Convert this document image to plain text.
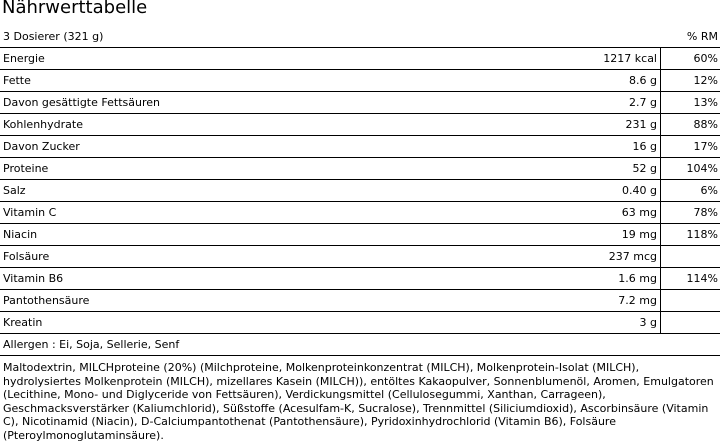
Nährwerttabelle
3 Dosierer (321 g)	% RM
Energie	1217 kcal	60%
Fette	8.6 g	12%
Davon gesättigte Fettsäuren	2.7 g	13%
Kohlenhydrate	231 g	88%
Davon Zucker	16 g	17%
Proteine	52 g	104%
Salz	0.40 g	6%
Vitamin C	63 mg	78%
Niacin	19 mg	118%
Folsäure	237 mcg
Vitamin B6	1.6 mg	114%
Pantothensäure	7.2 mg
Kreatin	3 g
Allergen : Ei, Soja, Sellerie, Senf

Maltodextrin, MILCHproteine (20%) (Milchproteine, Molkenproteinkonzentrat (MILCH), Molkenprotein-Isolat (MILCH), hydrolysiertes Molkenprotein (MILCH), mizellares Kasein (MILCH)), entöltes Kakaopulver, Sonnenblumenöl, Aromen, Emulgatoren (Lecithine, Mono- und Diglyceride von Fettsäuren), Verdickungsmittel (Cellulosegummi, Xanthan, Carrageen), Geschmacksverstärker (Kaliumchlorid), Süßstoffe (Acesulfam-K, Sucralose), Trennmittel (Siliciumdioxid), Ascorbinsäure (Vitamin C), Nicotinamid (Niacin), D-Calciumpantothenat (Pantothensäure), Pyridoxinhydrochlorid (Vitamin B6), Folsäure (Pteroylmonoglutaminsäure).
